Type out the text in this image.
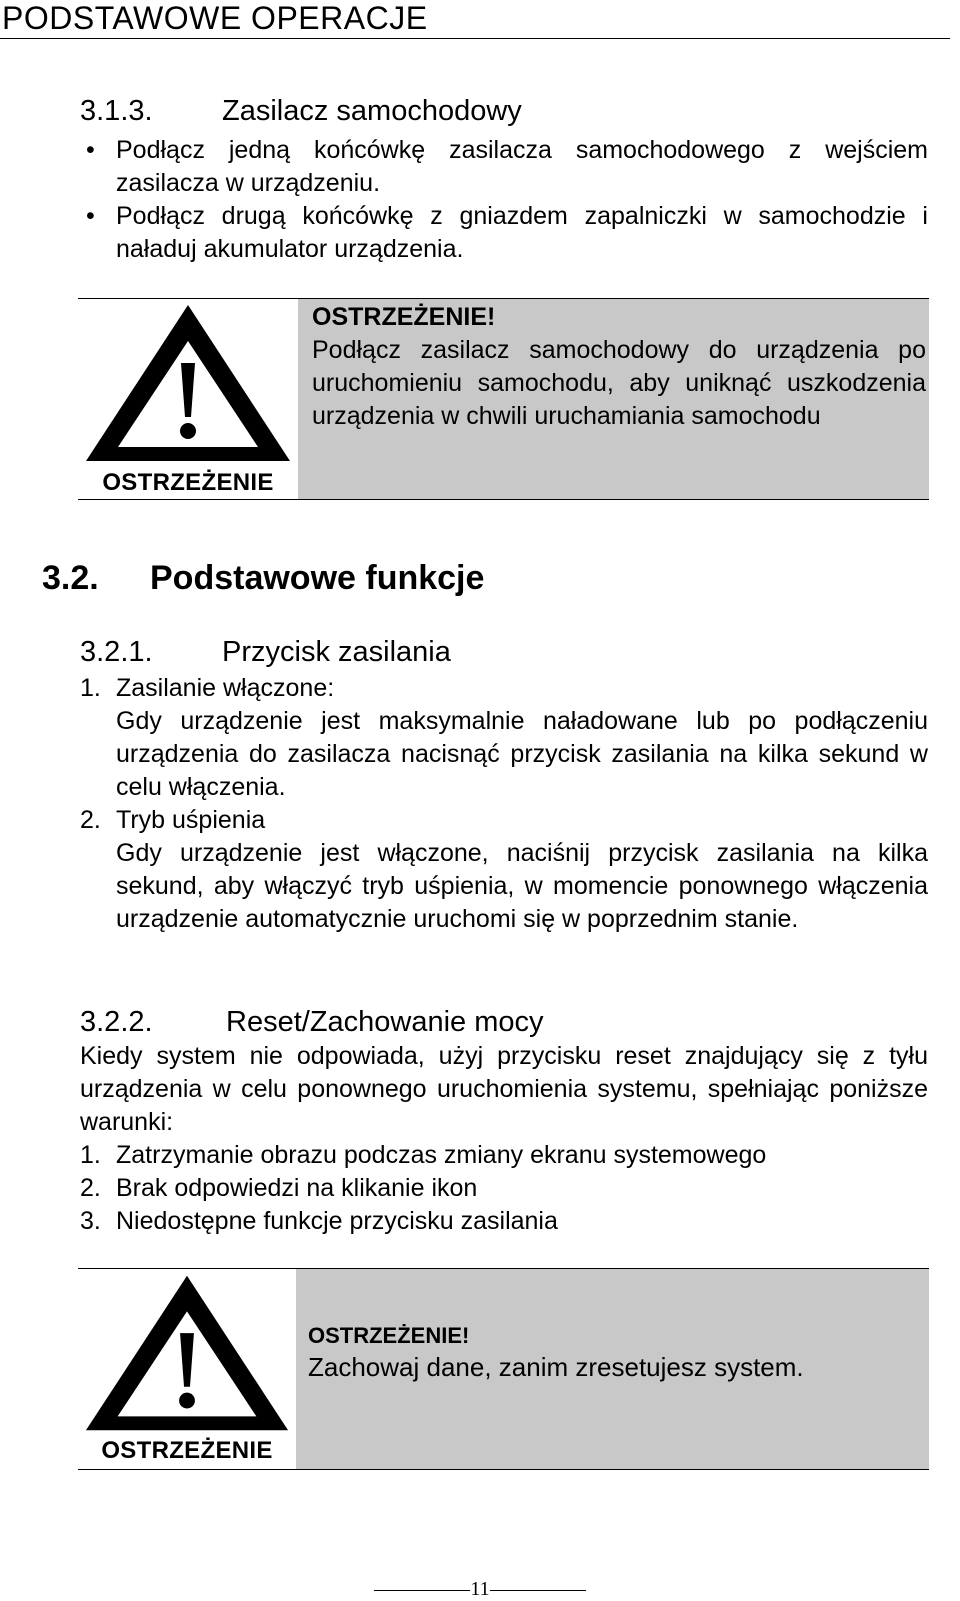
PODSTAWOWE OPERACJE
3.1.3. Zasilacz samochodowy
• Podłącz jedną końcówkę zasilacza samochodowego z wejściem zasilacza w urządzeniu.
• Podłącz drugą końcówkę z gniazdem zapalniczki w samochodzie i naładuj akumulator urządzenia.
OSTRZEŻENIE
OSTRZEŻENIE!
Podłącz zasilacz samochodowy do urządzenia po uruchomieniu samochodu, aby uniknąć uszkodzenia urządzenia w chwili uruchamiania samochodu
3.2. Podstawowe funkcje
3.2.1. Przycisk zasilania
1. Zasilanie włączone:
Gdy urządzenie jest maksymalnie naładowane lub po podłączeniu urządzenia do zasilacza nacisnąć przycisk zasilania na kilka sekund w celu włączenia.
2. Tryb uśpienia
Gdy urządzenie jest włączone, naciśnij przycisk zasilania na kilka sekund, aby włączyć tryb uśpienia, w momencie ponownego włączenia urządzenie automatycznie uruchomi się w poprzednim stanie.
3.2.2.	Reset/Zachowanie mocy
Kiedy system nie odpowiada, użyj przycisku reset znajdujący się z tyłu urządzenia w celu ponownego uruchomienia systemu, spełniając poniższe warunki:
1. Zatrzymanie obrazu podczas zmiany ekranu systemowego
2. Brak odpowiedzi na klikanie ikon
3. Niedostępne funkcje przycisku zasilania
OSTRZEŻENIE
OSTRZEŻENIE!
Zachowaj dane, zanim zresetujesz system.
11
